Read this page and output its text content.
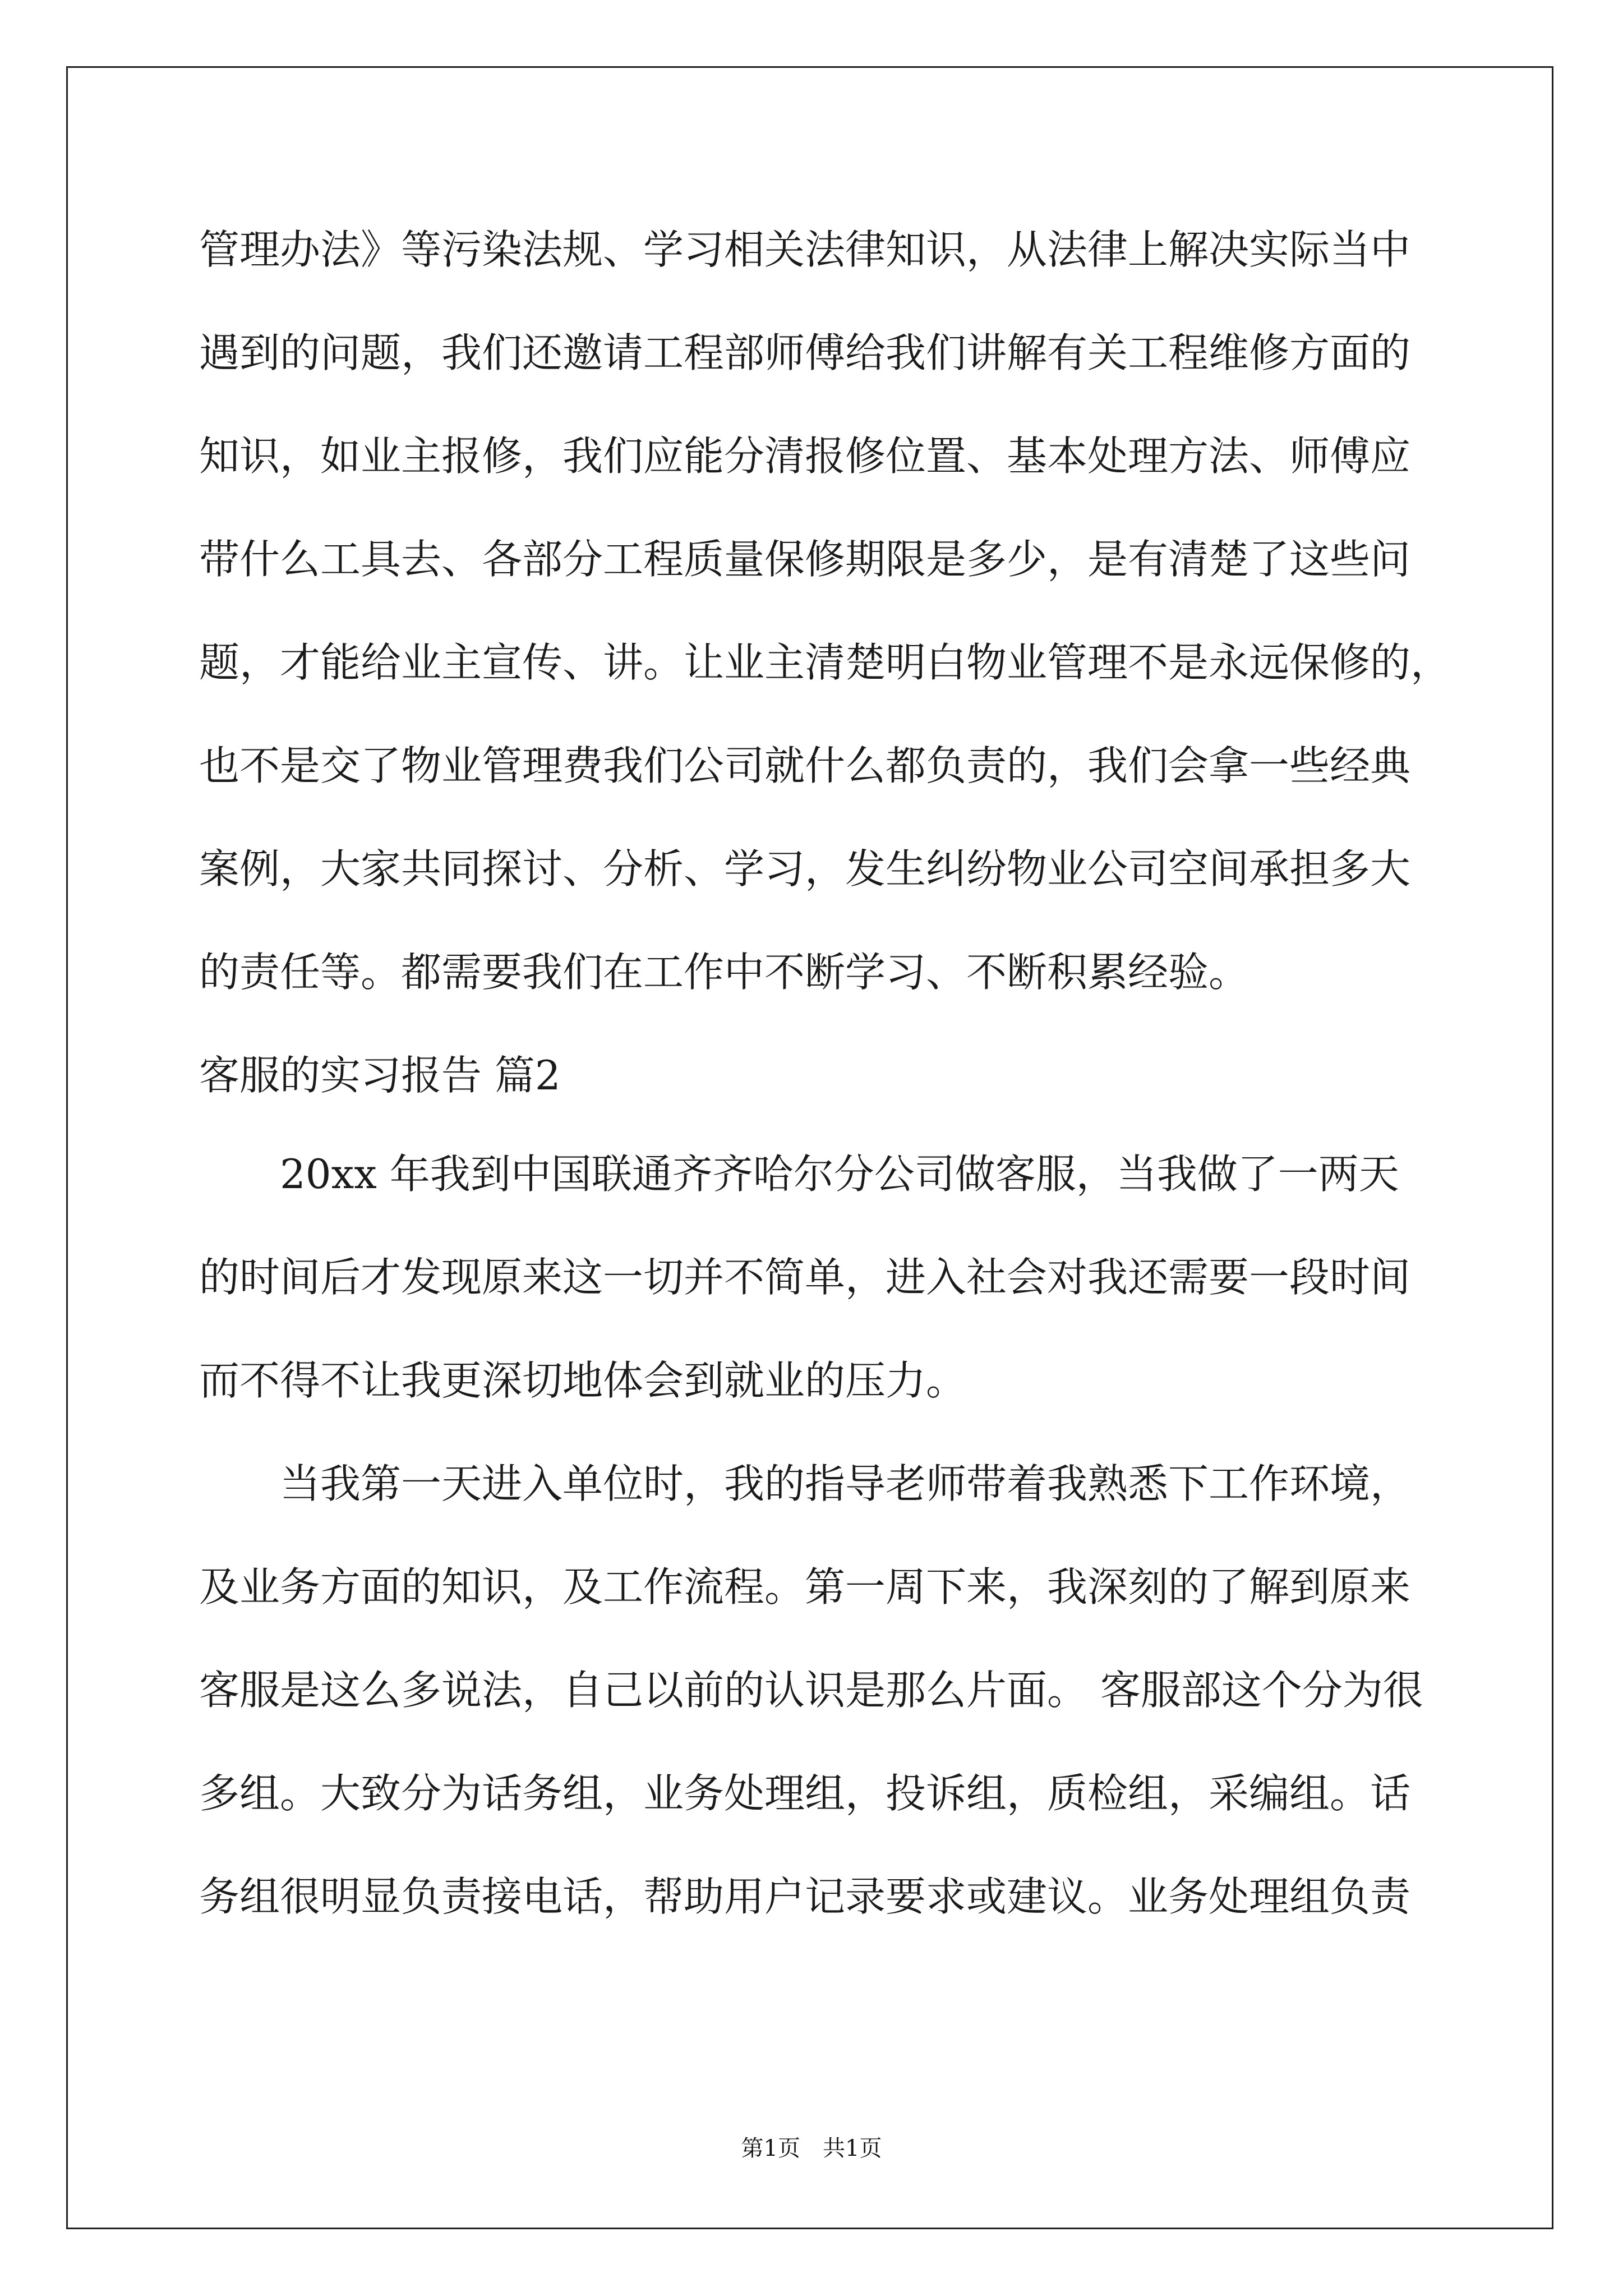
管理办法》等污染法规、学习相关法律知识，从法律上解决实际当中
遇到的问题，我们还邀请工程部师傅给我们讲解有关工程维修方面的
知识，如业主报修，我们应能分清报修位置、基本处理方法、师傅应
带什么工具去、各部分工程质量保修期限是多少，是有清楚了这些问
题，才能给业主宣传、讲。让业主清楚明白物业管理不是永远保修的，
也不是交了物业管理费我们公司就什么都负责的，我们会拿一些经典
案例，大家共同探讨、分析、学习，发生纠纷物业公司空间承担多大
的责任等。都需要我们在工作中不断学习、不断积累经验。
客服的实习报告 篇2
20xx 年我到中国联通齐齐哈尔分公司做客服，当我做了一两天
的时间后才发现原来这一切并不简单，进入社会对我还需要一段时间
而不得不让我更深切地体会到就业的压力。
当我第一天进入单位时，我的指导老师带着我熟悉下工作环境，
及业务方面的知识，及工作流程。第一周下来，我深刻的了解到原来
客服是这么多说法，自己以前的认识是那么片面。 客服部这个分为很
多组。大致分为话务组，业务处理组，投诉组，质检组，采编组。话
务组很明显负责接电话，帮助用户记录要求或建议。业务处理组负责
第1页 共1页
